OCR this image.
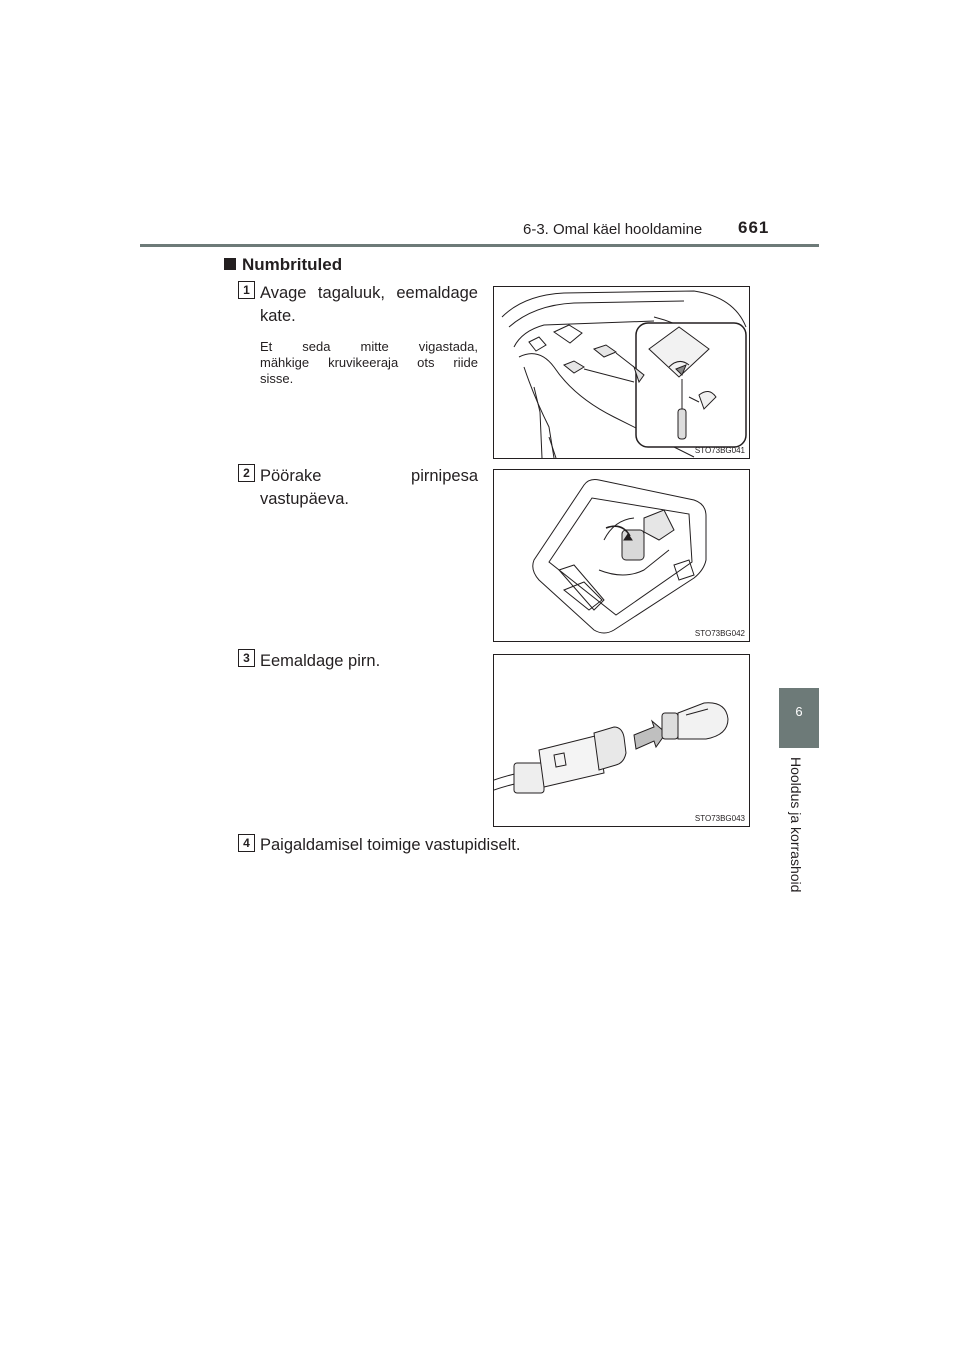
6-3. Omal käel hooldamine 661
6
Hooldus ja korrashoid
Numbrituled
1 Avage tagaluuk, eemaldage
kate.
Et seda mitte vigastada,
mähkige kruvikeeraja ots riide
sisse.
STO73BG041
2 Pöörake pirnipesa
vastupäeva.
STO73BG042
3 Eemaldage pirn.
STO73BG043
4 Paigaldamisel toimige vastupidiselt.
